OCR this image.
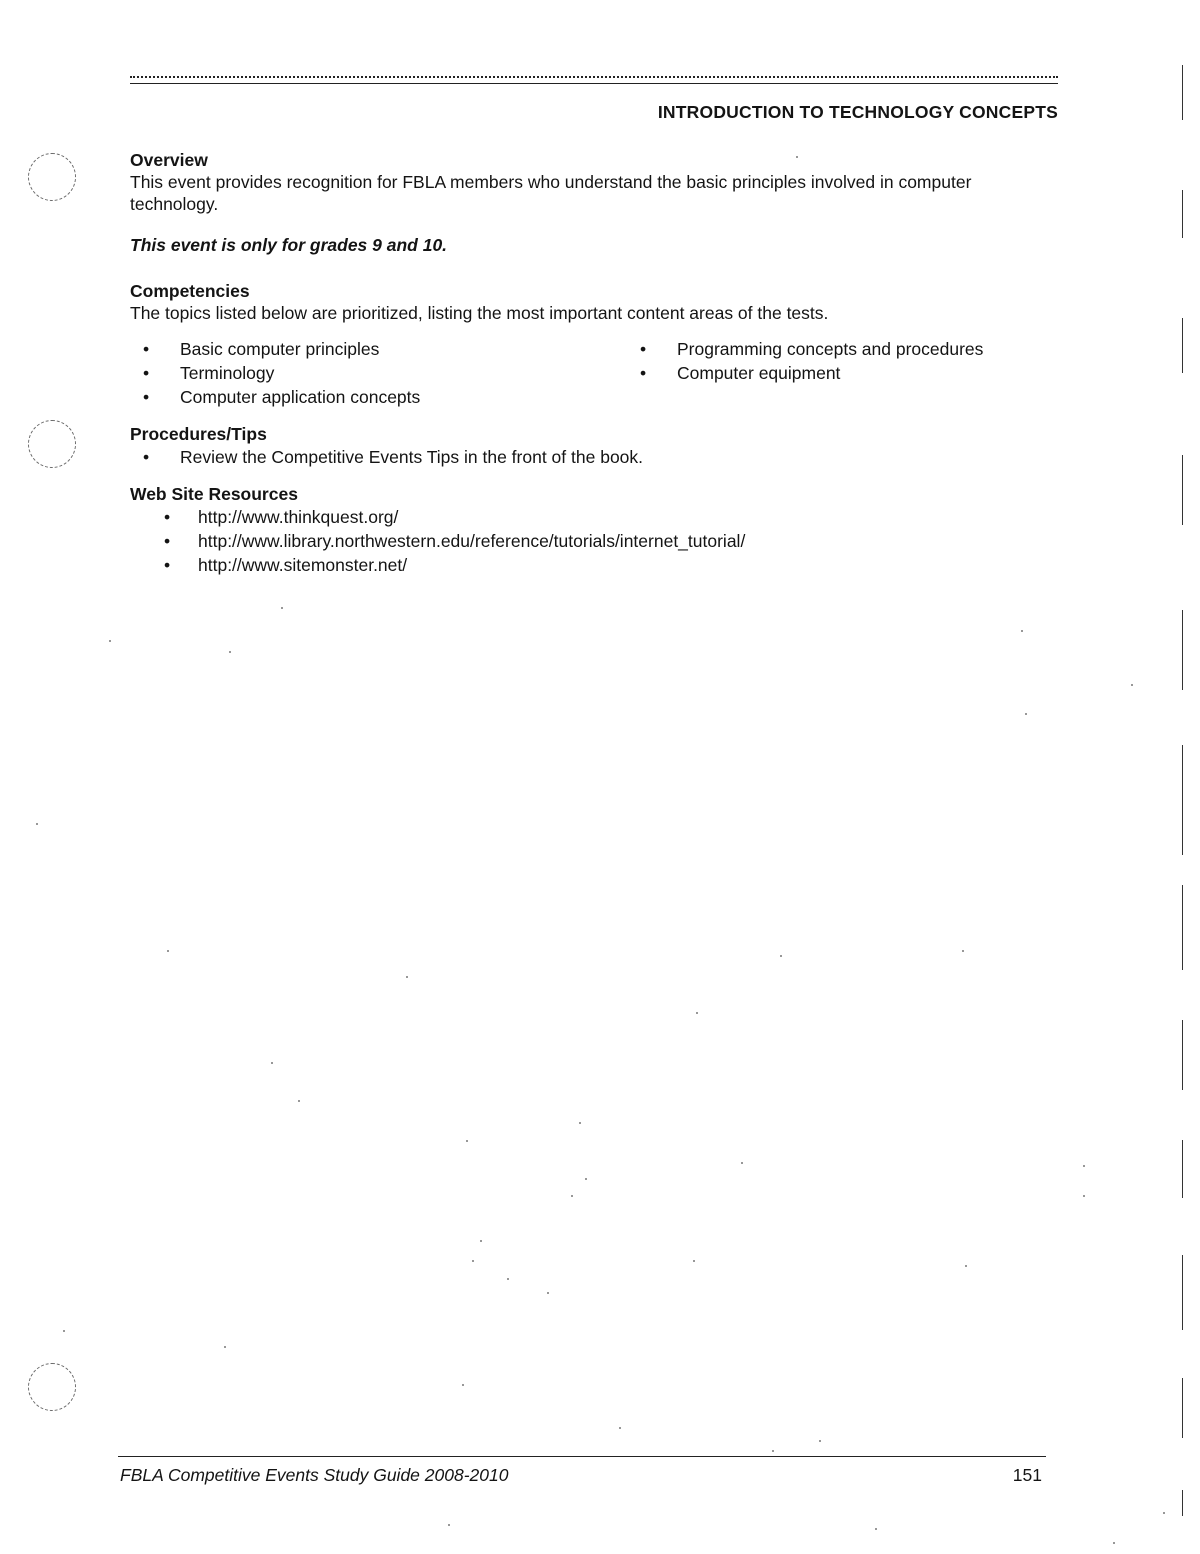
INTRODUCTION TO TECHNOLOGY CONCEPTS
Overview

This event provides recognition for FBLA members who understand the basic principles involved in computer technology.

This event is only for grades 9 and 10.
Competencies

The topics listed below are prioritized, listing the most important content areas of the tests.

• Basic computer principles
• Terminology
• Computer application concepts
• Programming concepts and procedures
• Computer equipment
Procedures/Tips
• Review the Competitive Events Tips in the front of the book.
Web Site Resources
• http://www.thinkquest.org/
• http://www.library.northwestern.edu/reference/tutorials/internet_tutorial/
• http://www.sitemonster.net/
FBLA Competitive Events Study Guide 2008-2010	151
